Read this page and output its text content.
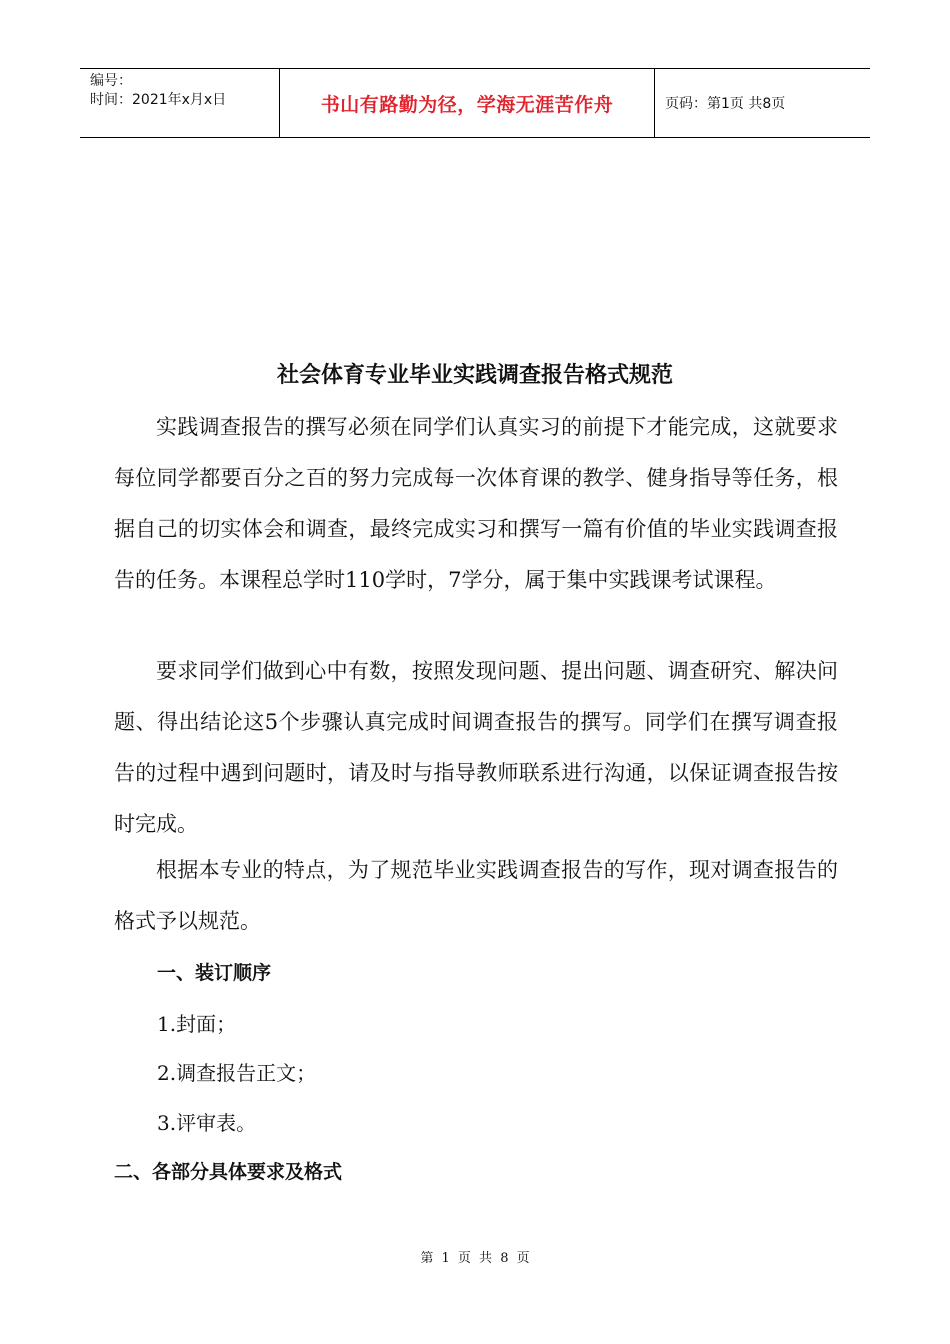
编号：
时间：2021年x月x日	书山有路勤为径，学海无涯苦作舟	页码：第1页 共8页
社会体育专业毕业实践调查报告格式规范

实践调查报告的撰写必须在同学们认真实习的前提下才能完成，这就要求每位同学都要百分之百的努力完成每一次体育课的教学、健身指导等任务，根据自己的切实体会和调查，最终完成实习和撰写一篇有价值的毕业实践调查报告的任务。本课程总学时110学时，7学分，属于集中实践课考试课程。

要求同学们做到心中有数，按照发现问题、提出问题、调查研究、解决问题、得出结论这5个步骤认真完成时间调查报告的撰写。同学们在撰写调查报告的过程中遇到问题时，请及时与指导教师联系进行沟通，以保证调查报告按时完成。

根据本专业的特点，为了规范毕业实践调查报告的写作，现对调查报告的格式予以规范。

一、装订顺序
1.封面；
2.调查报告正文；
3.评审表。
二、各部分具体要求及格式
第 1 页 共 8 页
